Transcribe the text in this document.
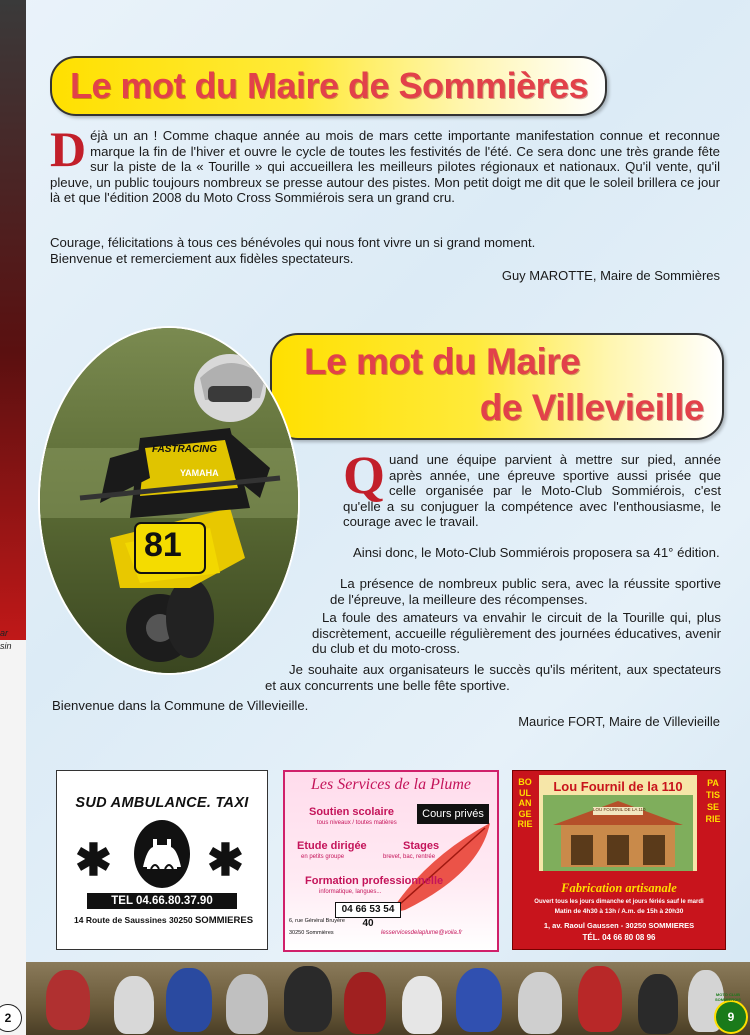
ar
sin
Le mot du Maire de Sommières

Déjà un an ! Comme chaque année au mois de mars cette importante manifestation connue et reconnue marque la fin de l'hiver et ouvre le cycle de toutes les festivités de l'été. Ce sera donc une très grande fête sur la piste de la « Tourille » qui accueillera les meilleurs pilotes régionaux et nationaux. Qu'il vente, qu'il pleuve, un public toujours nombreux se presse autour des pistes. Mon petit doigt me dit que le soleil brillera ce jour là et que l'édition 2008 du Moto Cross Sommiérois sera un grand cru.

Courage, félicitations à tous ces bénévoles qui nous font vivre un si grand moment.

Bienvenue et remerciement aux fidèles spectateurs.

Guy MAROTTE, Maire de Sommières
Le mot du Maire
de Villevieille
81
FASTRACING
YAMAHA Quand une équipe parvient à mettre sur pied, année après année, une épreuve sportive aussi prisée que celle organisée par le Moto-Club Sommiérois, c'est qu'elle a su conjuguer la compétence avec l'enthousiasme, le courage avec le travail.

Ainsi donc, le Moto-Club Sommiérois proposera sa 41° édition.

La présence de nombreux public sera, avec la réussite sportive de l'épreuve, la meilleure des récompenses.

La foule des amateurs va envahir le circuit de la Tourille qui, plus discrètement, accueille régulièrement des journées éducatives, avenir du club et du moto-cross.

Je souhaite aux organisateurs le succès qu'ils méritent, aux spectateurs et aux concurrents une belle fête sportive.

Bienvenue dans la Commune de Villevieille.

Maurice FORT, Maire de Villevieille
SUD AMBULANCE. TAXI
✱ ✱
TEL 04.66.80.37.90
14 Route de Saussines 30250 SOMMIERES
Les Services de la Plume
Soutien scolaire
tous niveaux / toutes matières
Cours privés
Etude dirigée
en petits groupe
Stages
brevet, bac, rentrée
Formation professionnelle
informatique, langues...
04 66 53 54 40
6, rue Général Bruyère
30250 Sommières	lesservicesdelaplume@voila.fr
Lou Fournil de la 110
LOU FOURNIL DE LA 110
BOULANGERIE
PATISSERIE
Fabrication artisanale
Ouvert tous les jours dimanche et jours fériés sauf le mardi
Matin de 4h30 à 13h / A.m. de 15h à 20h30
1, av. Raoul Gaussen - 30250 SOMMIERES
TÉL. 04 66 80 08 96
2	9
MOTO CLUB SOMMIEROIS
